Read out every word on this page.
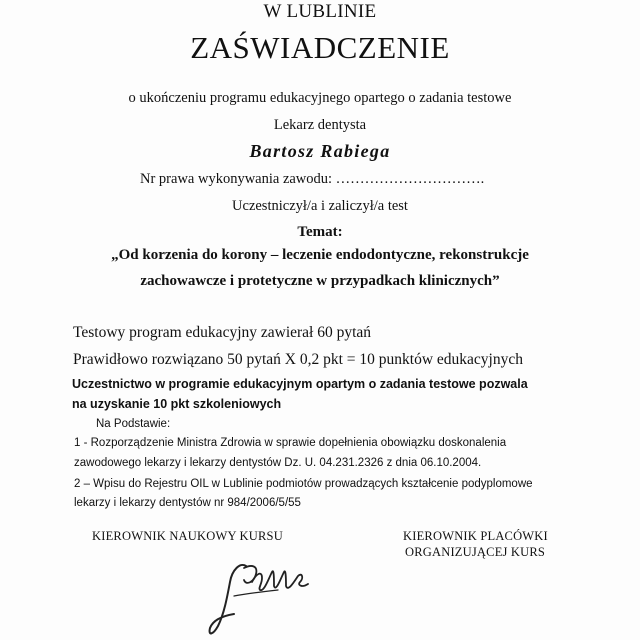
W LUBLINIE
ZAŚWIADCZENIE
o ukończeniu programu edukacyjnego opartego o zadania testowe
Lekarz dentysta
Bartosz Rabiega
Nr prawa wykonywania zawodu: ………………………….
Uczestniczył/a i zaliczył/a test
Temat:
„Od korzenia do korony – leczenie endodontyczne, rekonstrukcje
zachowawcze i protetyczne w przypadkach klinicznych”
Testowy program edukacyjny zawierał 60 pytań
Prawidłowo rozwiązano 50 pytań X 0,2 pkt = 10 punktów edukacyjnych
Uczestnictwo w programie edukacyjnym opartym o zadania testowe pozwala
na uzyskanie 10 pkt szkoleniowych
Na Podstawie:
1 - Rozporządzenie Ministra Zdrowia w sprawie dopełnienia obowiązku doskonalenia
zawodowego lekarzy i lekarzy dentystów Dz. U. 04.231.2326 z dnia 06.10.2004.
2 – Wpisu do Rejestru OIL w Lublinie podmiotów prowadzących kształcenie podyplomowe
lekarzy i lekarzy dentystów nr 984/2006/5/55
KIEROWNIK NAUKOWY KURSU	KIEROWNIK PLACÓWKI
ORGANIZUJĄCEJ KURS
